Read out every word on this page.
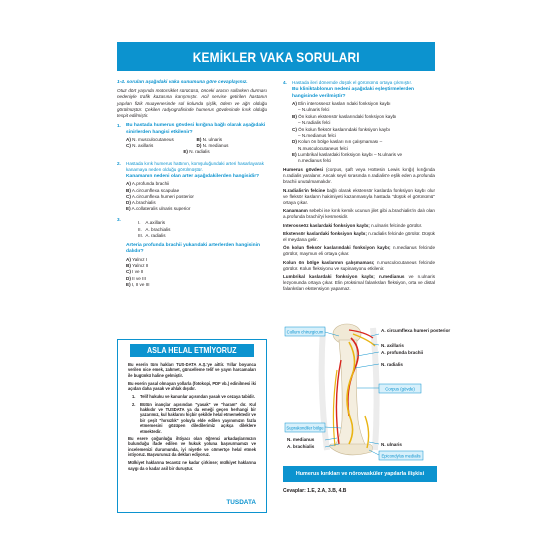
KEMİKLER VAKA SORULARI
1-4. soruları aşağıdaki vaka sunumuna göre cevaplayınız.
Otuz dört yaşında motorsiklet sürücüsü, önceki aracın sollarken durması nedeniyle trafik kazasına karışmıştır. Acil servise getirilen hastanın yapılan fizik muayenesinde sol kolunda şişlik, ödem ve ağrı olduğu görülmüştür. Çekilen radyografisinde humerus gövdesinde kırık olduğu tespit edilmiştir.
1.	Bu hastada humerus gövdesi kırığına bağlı olarak aşağıdaki sinirlerden hangisi etkilenir?
A) N. musculocutaneus	B) N. ulnaris
C) N. axillaris	D) N. medianus
E) N. radialis
2.	Hastada kırık humerus hattının, komşuluğundaki arteri hasarlayarak kanamaya neden olduğu görülmüştür.
Kanamanın nedeni olan arter aşağıdakilerden hangisidir?
A) A.profunda brachii
B) A.circumflexa scapulae
C) A.circumflexa humeri posterior
D) A.brachialis
E) A.collateralis ulnaris superior
3.
I.    A.axillaris
II.   A. brachialis
III.  A. radialis
Arteria profunda brachii yukarıdaki arterlerden hangisinin dalıdır?
A) Yalnız I
B) Yalnız II
C) I ve II
D) II ve III
E) I, II ve III
4.	Hastada ileri dönemde düşük el görünümü ortaya çıkmıştır.
Bu kliniktablonun nedeni aşağıdaki eşleştirmelerden hangisinde verilmiştir?
A) Elin interosseoz kasları ndaki fonksiyon kaybı
– N.ulnaris felci
B) Ön kolun ekstensör kaslarındaki fonksiyon kaybı
– N.radialis felci
C) Ön kolun fleksör kaslarındaki fonksiyon kaybı
– N.medianus felci
D) Kolun ön bölge kasları nın çalışmaması –
N.musculocutaneus felci
E) Lumbrikal kaslardaki fonksiyon kaybı – N.ulnaris ve
n.medianus felci
Humerus gövdesi (corpus, şaft veya Hottesin Lewis kırığı) kırığında n.radialis yaralanır. Ancak seyri sırasında n.radialis'e eşlik eden a.profunda brachii unutulmamalıdır.
N.radialis'in felcine bağlı olarak ekstensör kaslarda fonksiyon kaybı olur ve fleksör kasların hakimiyeti kazanmasıyla hastada "düşük el görünümü" ortaya çıkar.
Kanamanın sebebi ise kırık kemik ucunun jilet gibi a.brachialis'in dalı olan a.profunda brachii'yi kesmesidir.
Interosseöz kaslardaki fonksiyon kaybı; n.ulnaris felcinde görülür.
Ekstensör kaslardaki fonksiyon kaybı; n.radialis felcinde görülür. Düşük el meydana gelir.
Ön kolun fleksör kaslarındaki fonksiyon kaybı; n.medianus felcinde görülür, maymun eli ortaya çıkar.
Kolun ön bölge kaslarının çalışmaması; n.musculocutaneus felcinde görülür. Kolun fleksiyonu ve supinasyonu etkilenir.
Lumbrikal kaslardaki fonksiyon kaybı; n.medianus ve n.ulnaris lezyonunda ortaya çıkar. Elin proksimal falanksları fleksiyon, orta ve distal falanksları ekstensiyon yapamaz.
ASLA HELAL ETMİYORUZ

Bu eserin tüm hakları TUS-DATA A.Ş.'ye aittir. Yıllar boyunca verilen nice emek, zahmet, güncelleme telif ve yayın harcamaları ile bugünkü haline gelmiştir.

Bu eserin yasal olmayan yollarla (fotokopi, PDF vb.) edinilmesi iki açıdan daha yasak ve ahlak dışıdır.

1.	Telif hukuku ve kanunlar açısından yasak ve cezaya tabidir.
2.	Bütün inançlar açısından "yasak" ve "haram" dır. Kul hakkıdır ve TUSDATA ya da emeği geçen herhangi bir yazarımız, kul haklarını hiçbir şekilde helal etmemektedir ve bir çeşit "hırsızlık" yoluyla elde edilen yayınımızın fazla etmemesini gözüpen diledilerimiz açıkça dileklere etmektedir.

Bu esere çoğunluğu ihtiyacı olan öğrenci arkadaşlarımızın bulunduğu ifade edilen ve hukuk yoluna başvurmamızı ve incelemenizi durumunda, iyi niyetle ve cömertçe helal etmek istiyoruz. Başvurunuz da dekları ediyoruz.

Mülkiyet haklarına tecavüz ne kadar çirkinse; mülkiyet haklarına saygı da o kadar asil bir duruştur.

TUSDATA
Collum chirurgicum	A. circumflexa humeri posterior
N. axillaris
A. profunda brachii
N. radialis
Corpus (gövde)
Suprakondiler bölge
N. medianus
A. brachialis	N. ulnaris
Epicondylus medialis
Humerus kırıkları ve nörovasküler yapılarla ilişkisi
Cevaplar: 1.E, 2.A, 3.B, 4.B
